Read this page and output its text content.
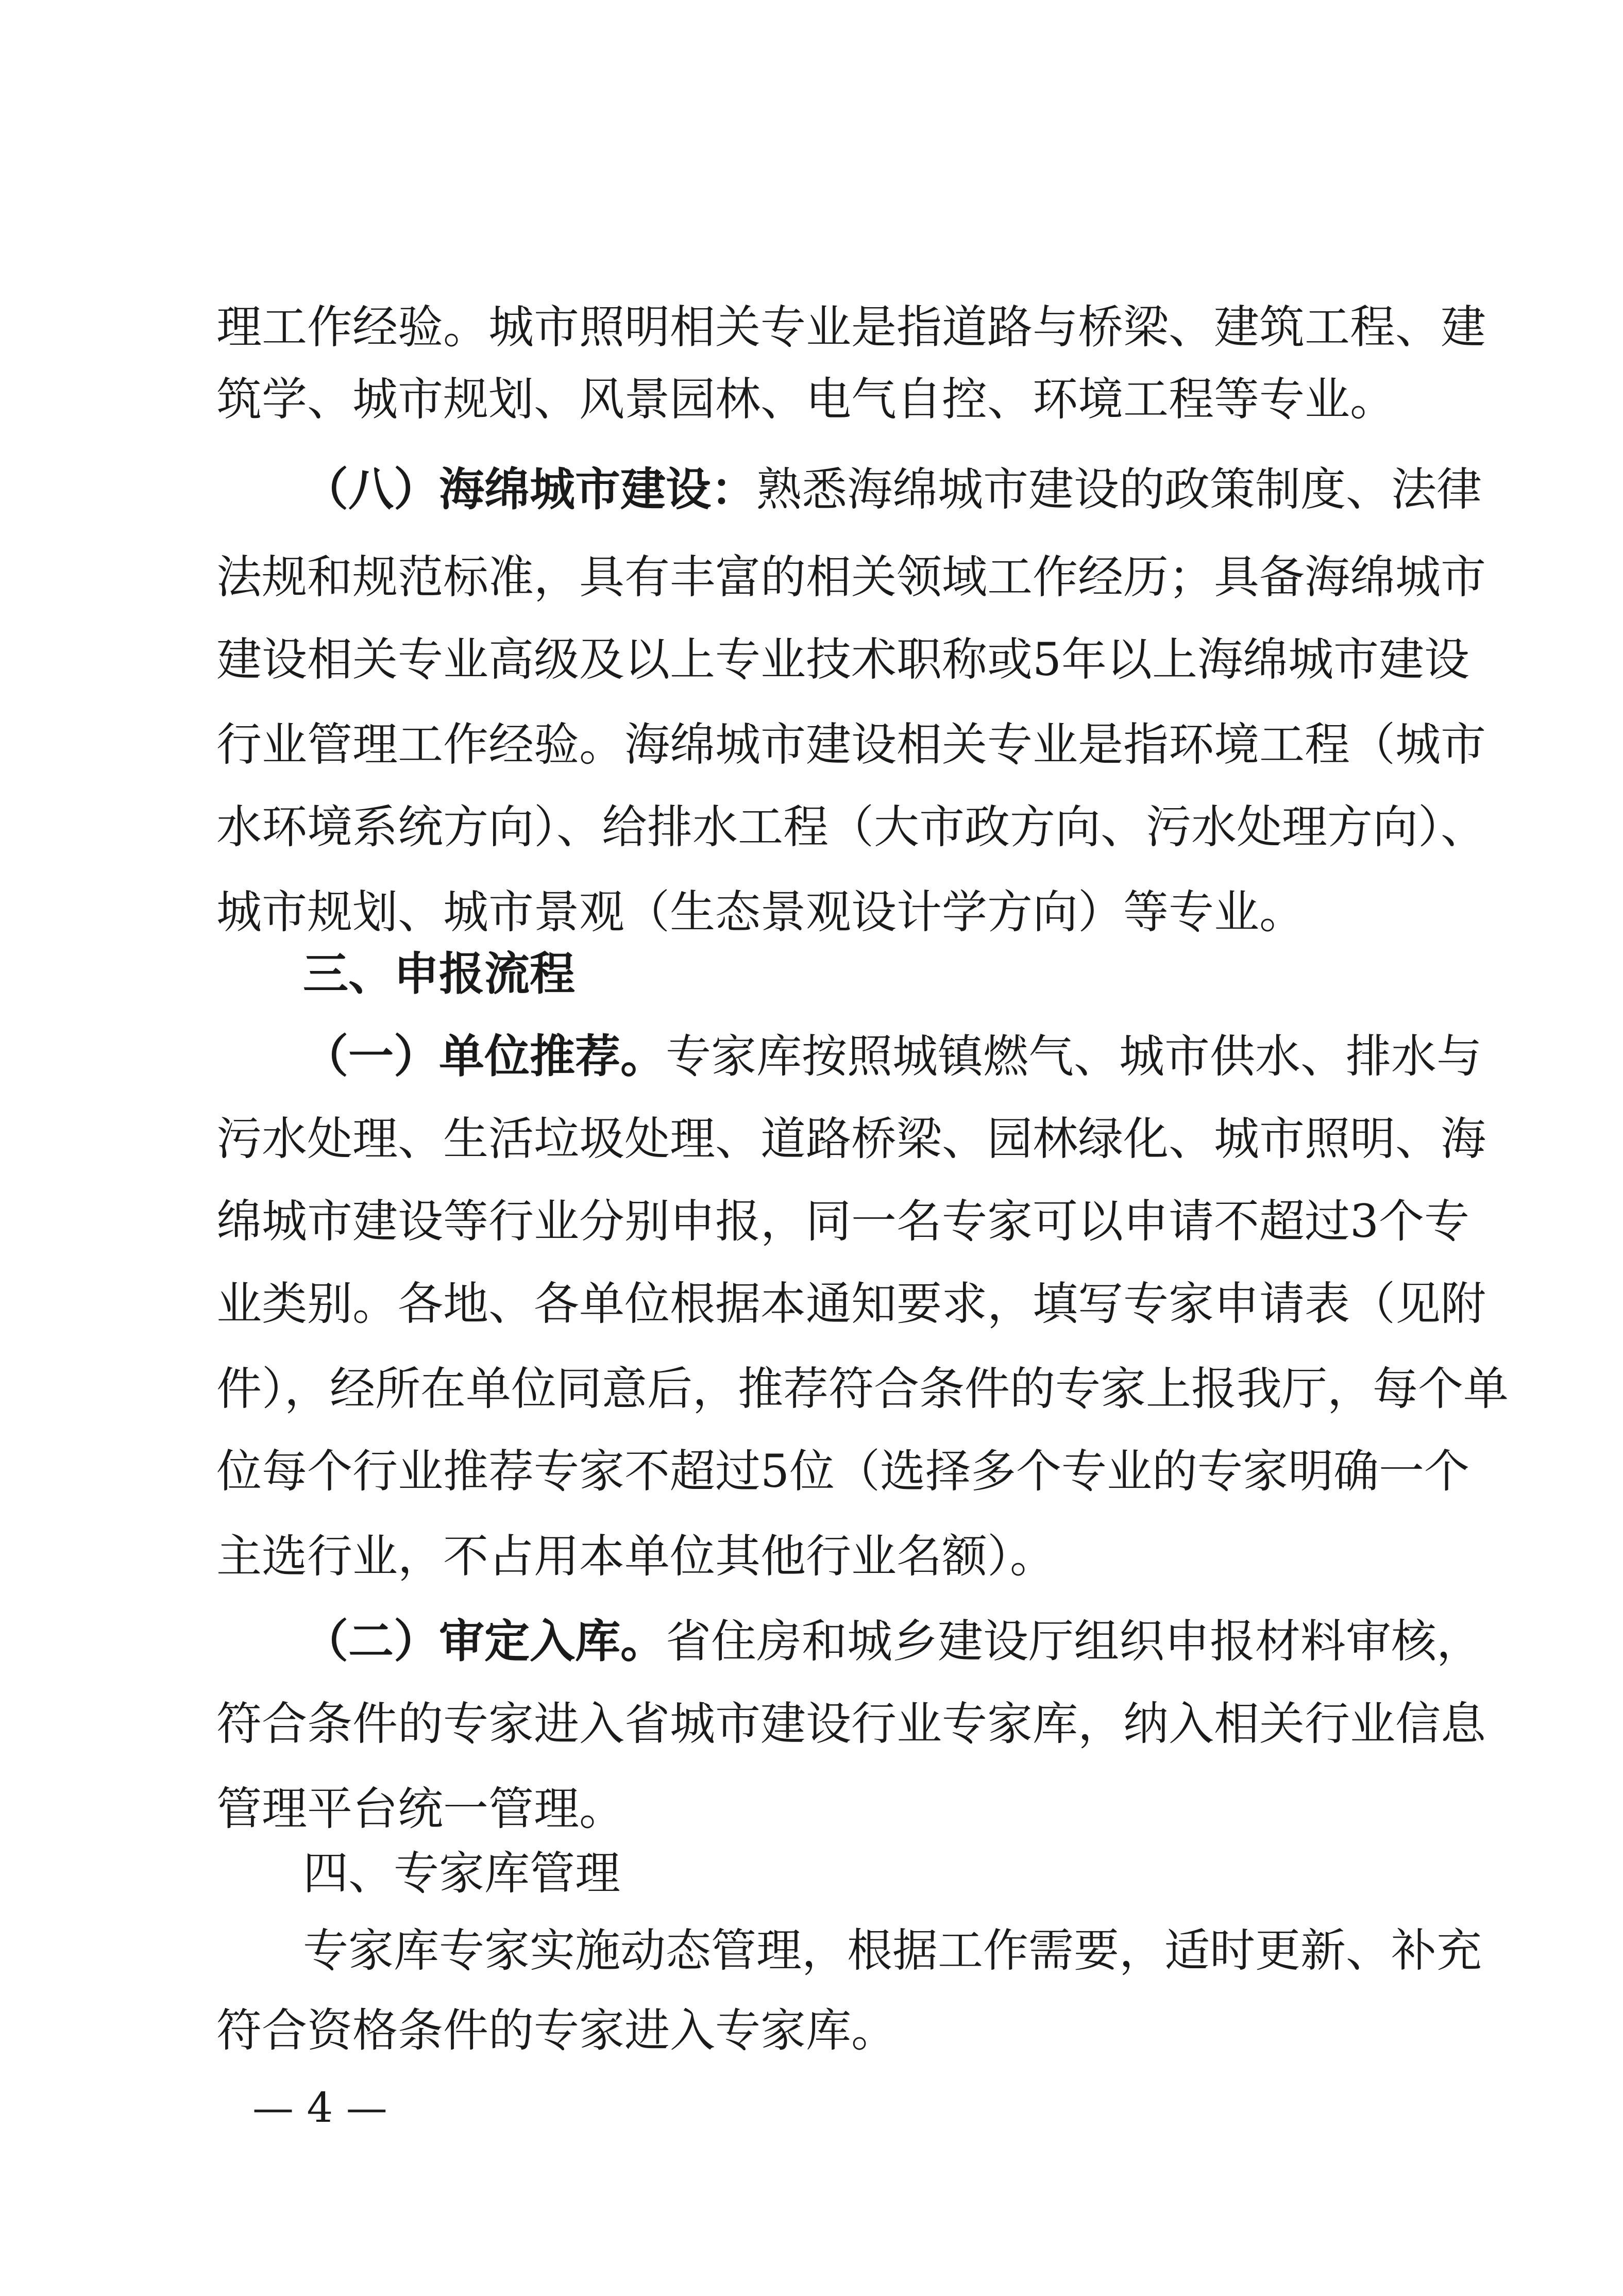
理工作经验。城市照明相关专业是指道路与桥梁、建筑工程、建
筑学、城市规划、风景园林、电气自控、环境工程等专业。
（八）海绵城市建设：熟悉海绵城市建设的政策制度、法律
法规和规范标准，具有丰富的相关领域工作经历；具备海绵城市
建设相关专业高级及以上专业技术职称或5年以上海绵城市建设
行业管理工作经验。海绵城市建设相关专业是指环境工程（城市
水环境系统方向）、给排水工程（大市政方向、污水处理方向）、
城市规划、城市景观（生态景观设计学方向）等专业。
三、申报流程
（一）单位推荐。专家库按照城镇燃气、城市供水、排水与
污水处理、生活垃圾处理、道路桥梁、园林绿化、城市照明、海
绵城市建设等行业分别申报，同一名专家可以申请不超过3个专
业类别。各地、各单位根据本通知要求，填写专家申请表（见附
件），经所在单位同意后，推荐符合条件的专家上报我厅，每个单
位每个行业推荐专家不超过5位（选择多个专业的专家明确一个
主选行业，不占用本单位其他行业名额）。
（二）审定入库。省住房和城乡建设厅组织申报材料审核，
符合条件的专家进入省城市建设行业专家库，纳入相关行业信息
管理平台统一管理。
四、专家库管理
专家库专家实施动态管理，根据工作需要，适时更新、补充
符合资格条件的专家进入专家库。
— 4 —
